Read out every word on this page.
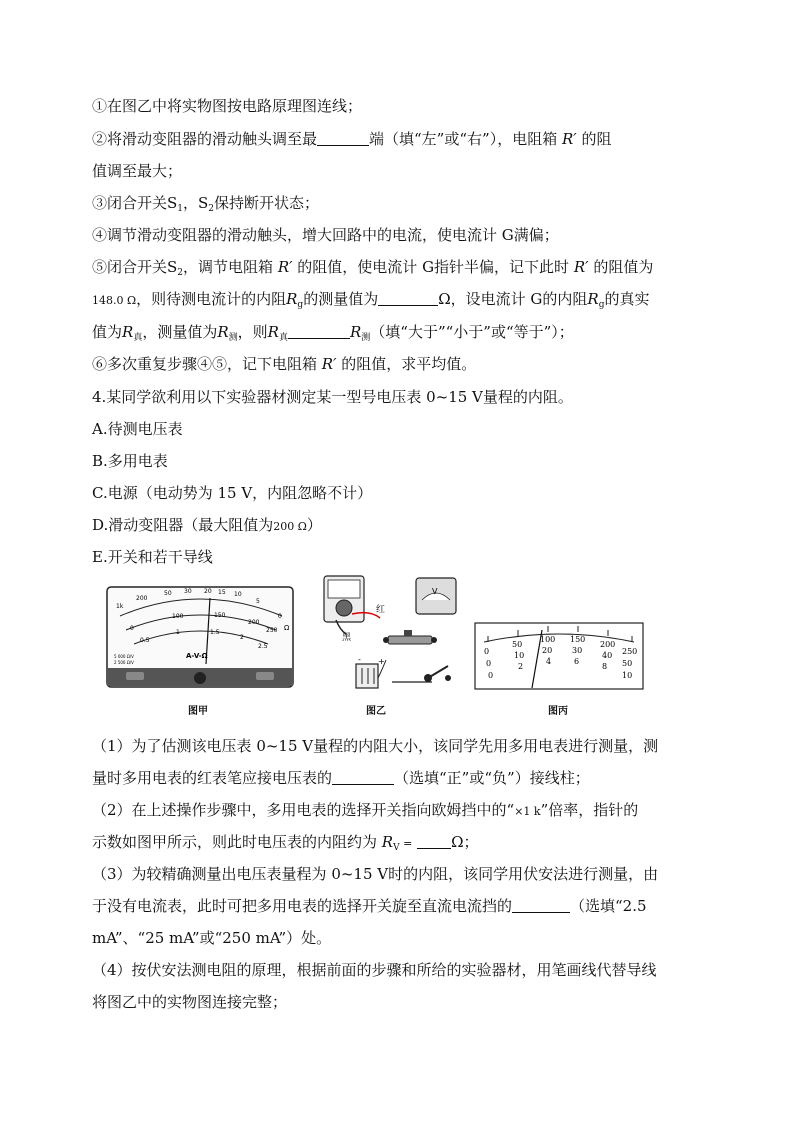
①在图乙中将实物图按电路原理图连线；
②将滑动变阻器的滑动触头调至最	端（填“左”或“右”），电阻箱 R′ 的阻
值调至最大；
③闭合开关$S_1$，$S_2$保持断开状态；
④调节滑动变阻器的滑动触头，增大回路中的电流，使电流计 G满偏；
⑤闭合开关$S_2$，调节电阻箱 R′ 的阻值，使电流计 G指针半偏，记下此时 R′ 的阻值为
148.0 Ω，则待测电流计的内阻$R_g$的测量值为	Ω，设电流计 G的内阻$R_g$的真实
值为$R_真$，测量值为$R_测$，则$R_真$	$R_测$（填“大于”“小于”或“等于”）；
⑥多次重复步骤④⑤，记下电阻箱 R′ 的阻值，求平均值。
4.某同学欲利用以下实验器材测定某一型号电压表 0~15 V量程的内阻。
A.待测电压表
B.多用电表
C.电源（电动势为 15 V，内阻忽略不计）
D.滑动变阻器（最大阻值为200 Ω）
E.开关和若干导线
1k
200
50 30 20 15 10
5
0
0
100	150
200
250
0.5
1	1.5
2
2.5
Ω
A-V-Ω
5 000 Ω/V
2 500 Ω/V
图甲
红
黑
V
+
-
图乙
0
50
100 150
200
250
0
10
20 30
40
50
0
2
4	6
8
10
图丙
（1）为了估测该电压表 0~15 V量程的内阻大小，该同学先用多用电表进行测量，测
量时多用电表的红表笔应接电压表的	（选填“正”或“负”）接线柱；
（2）在上述操作步骤中，多用电表的选择开关指向欧姆挡中的“×1 k”倍率，指针的
示数如图甲所示，则此时电压表的内阻约为 $R_V$ =	Ω；
（3）为较精确测量出电压表量程为 0~15 V时的内阻，该同学用伏安法进行测量，由
于没有电流表，此时可把多用电表的选择开关旋至直流电流挡的	（选填“2.5
mA”、“25 mA”或“250 mA”）处。
（4）按伏安法测电阻的原理，根据前面的步骤和所给的实验器材，用笔画线代替导线
将图乙中的实物图连接完整；
